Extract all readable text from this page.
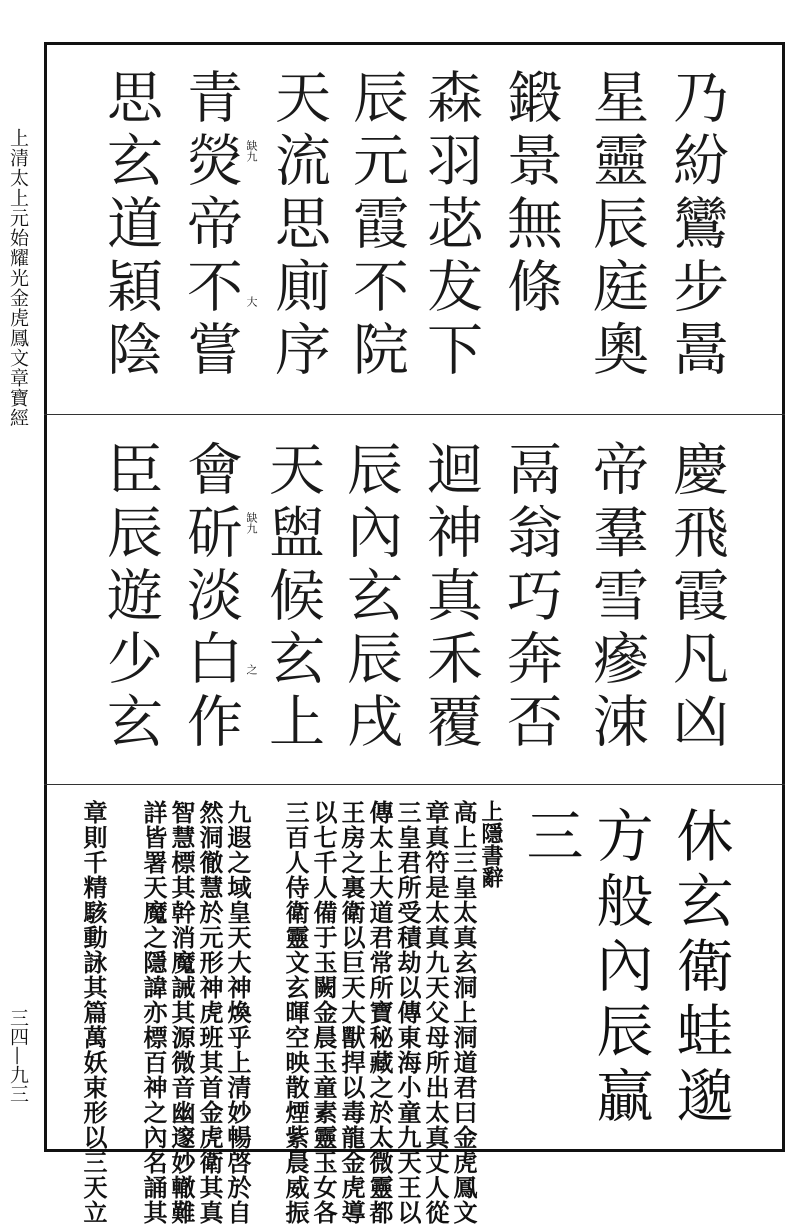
上清太上元始耀光金虎鳳文章寶經
三四—九三
乃紛鸞步暠
星靈辰庭奧
鍛景無條
森羽苾犮下
辰元霞不院
天流思廁序
青熒帝不嘗
思玄道穎陰	缺九
大
慶飛霞凡凶
帝羣雪瘮涑
鬲翁巧奔否
迴神真禾覆
辰內玄辰戌
天盥候玄上
會斫淡白作
臣辰遊少玄	缺九
之
休玄衛蛙邈
方般內辰贏
三
上隱書辭
高上三皇太真玄洞上洞道君曰金虎鳳文
章真符是太真九天父母所出太真丈人從
三皇君所受積劫以傳東海小童九天王以
傳太上大道君常所寶秘藏之於太微靈都
王房之裏衛以巨天大獸捍以毒龍金虎導
以七千人備于玉闕金晨玉童素靈玉女各
三百人侍衛靈文玄暉空映散煙紫晨威振
九遐之域皇天大神煥乎上清妙暢啓於自
然洞徹慧於元形神虎班其首金虎衛其真
智慧標其幹消魔誡其源微音幽邃妙轍難
詳皆署天魔之隱諱亦標百神之內名誦其
章則千精駭動詠其篇萬妖束形以三天立
